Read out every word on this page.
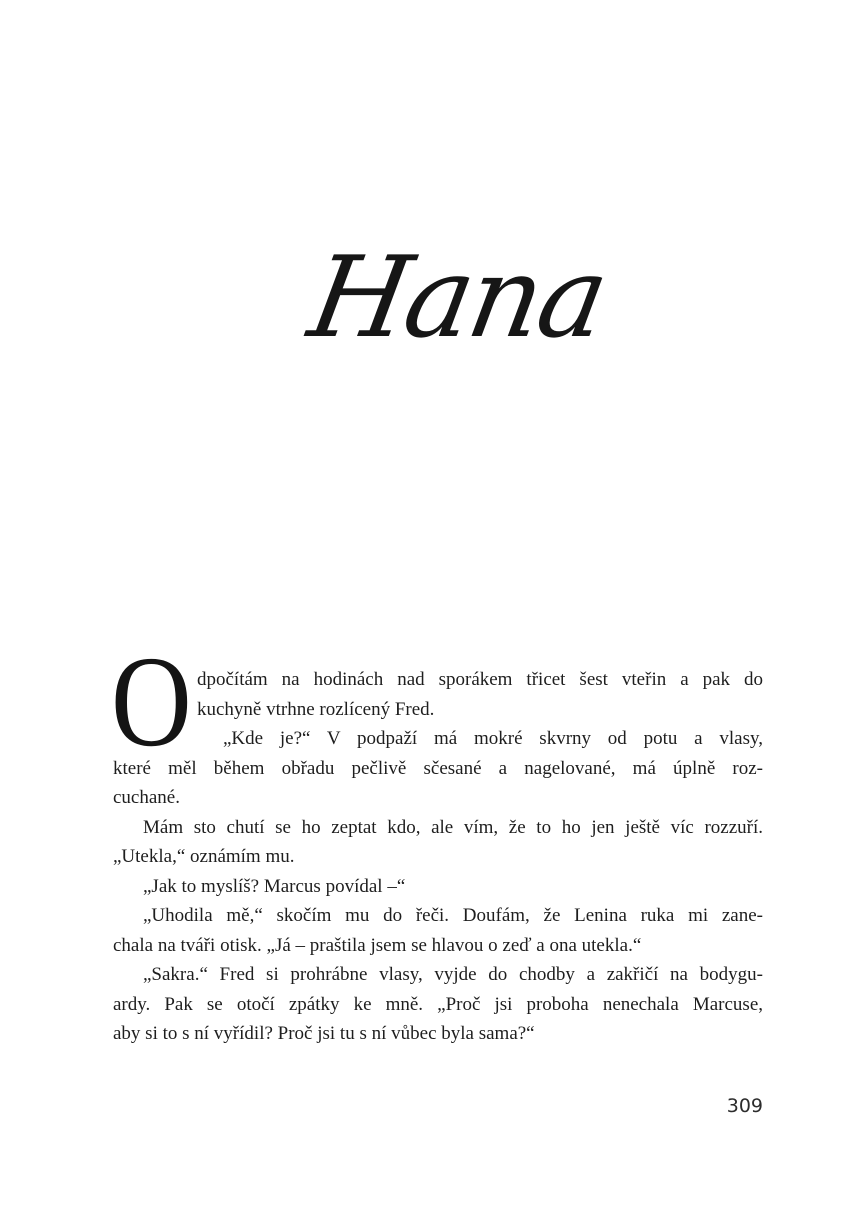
Hana
O dpočítám na hodinách nad sporákem třicet šest vteřin a pak do
kuchyně vtrhne rozlícený Fred.
„Kde je?“ V podpaží má mokré skvrny od potu a vlasy,
které měl během obřadu pečlivě sčesané a nagelované, má úplně roz-
cuchané.
Mám sto chutí se ho zeptat kdo, ale vím, že to ho jen ještě víc rozzuří.
„Utekla,“ oznámím mu.
„Jak to myslíš? Marcus povídal –“
„Uhodila mě,“ skočím mu do řeči. Doufám, že Lenina ruka mi zane-
chala na tváři otisk. „Já – praštila jsem se hlavou o zeď a ona utekla.“
„Sakra.“ Fred si prohrábne vlasy, vyjde do chodby a zakřičí na bodygu-
ardy. Pak se otočí zpátky ke mně. „Proč jsi proboha nenechala Marcuse,
aby si to s ní vyřídil? Proč jsi tu s ní vůbec byla sama?“
309
